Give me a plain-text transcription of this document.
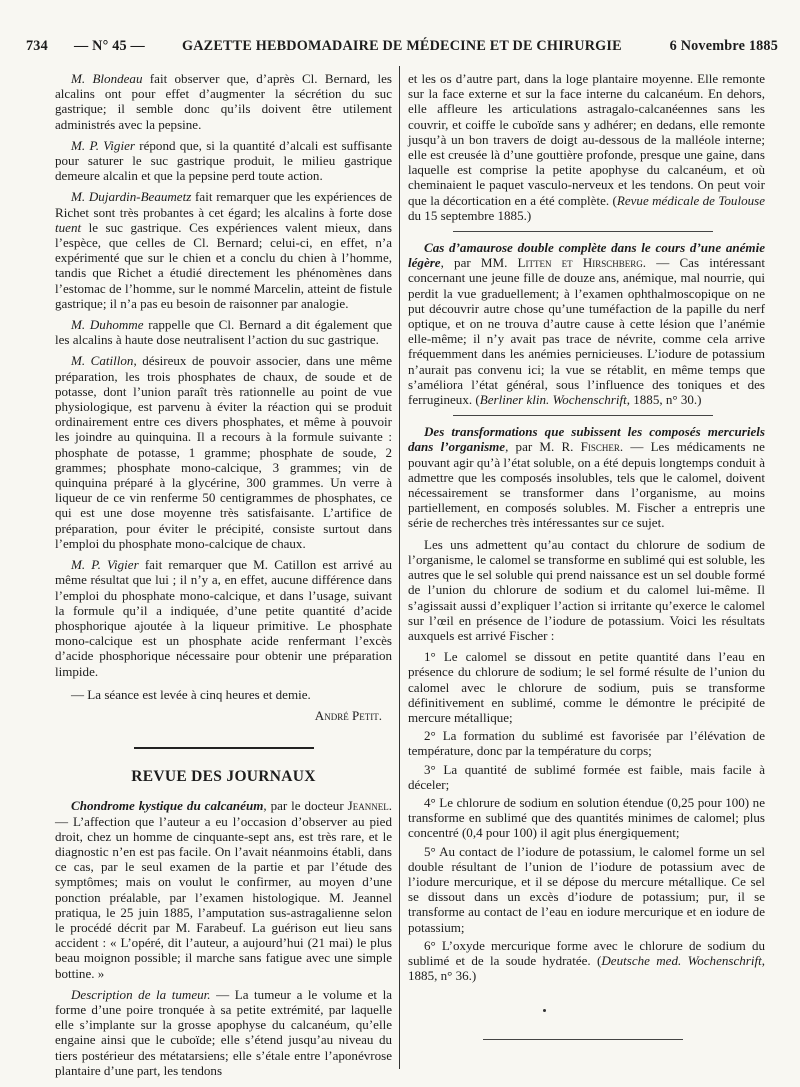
734 — N° 45 —	GAZETTE HEBDOMADAIRE DE MÉDECINE ET DE CHIRURGIE	6 Novembre 1885

M. Blondeau fait observer que, d’après Cl. Bernard, les alcalins ont pour effet d’augmenter la sécrétion du suc gastrique; il semble donc qu’ils doivent être utilement administrés avec la pepsine.

M. P. Vigier répond que, si la quantité d’alcali est suffisante pour saturer le suc gastrique produit, le milieu gastrique demeure alcalin et que la pepsine perd toute action.

M. Dujardin-Beaumetz fait remarquer que les expériences de Richet sont très probantes à cet égard; les alcalins à forte dose tuent le suc gastrique. Ces expériences valent mieux, dans l’espèce, que celles de Cl. Bernard; celui-ci, en effet, n’a expérimenté que sur le chien et a conclu du chien à l’homme, tandis que Richet a étudié directement les phénomènes dans l’estomac de l’homme, sur le nommé Marcelin, atteint de fistule gastrique; il n’a pas eu besoin de raisonner par analogie.

M. Duhomme rappelle que Cl. Bernard a dit également que les alcalins à haute dose neutralisent l’action du suc gastrique.

M. Catillon, désireux de pouvoir associer, dans une même préparation, les trois phosphates de chaux, de soude et de potasse, dont l’union paraît très rationnelle au point de vue physiologique, est parvenu à éviter la réaction qui se produit ordinairement entre ces divers phosphates, et même à pouvoir les joindre au quinquina. Il a recours à la formule suivante : phosphate de potasse, 1 gramme; phosphate de soude, 2 grammes; phosphate mono-calcique, 3 grammes; vin de quinquina préparé à la glycérine, 300 grammes. Un verre à liqueur de ce vin renferme 50 centigrammes de phosphates, ce qui est une dose moyenne très satisfaisante. L’artifice de préparation, pour éviter le précipité, consiste surtout dans l’emploi du phosphate mono-calcique de chaux.

M. P. Vigier fait remarquer que M. Catillon est arrivé au même résultat que lui ; il n’y a, en effet, aucune différence dans l’emploi du phosphate mono-calcique, et dans l’usage, suivant la formule qu’il a indiquée, d’une petite quantité d’acide phosphorique ajoutée à la liqueur primitive. Le phosphate mono-calcique est un phosphate acide renfermant l’excès d’acide phosphorique nécessaire pour obtenir une préparation limpide.

— La séance est levée à cinq heures et demie.

André Petit.

REVUE DES JOURNAUX

Chondrome kystique du calcanéum, par le docteur Jeannel. — L’affection que l’auteur a eu l’occasion d’observer au pied droit, chez un homme de cinquante-sept ans, est très rare, et le diagnostic n’en est pas facile. On l’avait néanmoins établi, dans ce cas, par le seul examen de la partie et par l’étude des symptômes; mais on voulut le confirmer, au moyen d’une ponction préalable, par l’examen histologique. M. Jeannel pratiqua, le 25 juin 1885, l’amputation sus-astragalienne selon le procédé décrit par M. Farabeuf. La guérison eut lieu sans accident : « L’opéré, dit l’auteur, a aujourd’hui (21 mai) le plus beau moignon possible; il marche sans fatigue avec une simple bottine. »

Description de la tumeur. — La tumeur a le volume et la forme d’une poire tronquée à sa petite extrémité, par laquelle elle s’implante sur la grosse apophyse du calcanéum, qu’elle engaine ainsi que le cuboïde; elle s’étend jusqu’au niveau du tiers postérieur des métatarsiens; elle s’étale entre l’aponévrose plantaire d’une part, les tendons

et les os d’autre part, dans la loge plantaire moyenne. Elle remonte sur la face externe et sur la face interne du calcanéum. En dehors, elle affleure les articulations astragalo-calcanéennes sans les couvrir, et coiffe le cuboïde sans y adhérer; en dedans, elle remonte jusqu’à un bon travers de doigt au-dessous de la malléole interne; elle est creusée là d’une gouttière profonde, presque une gaine, dans laquelle est comprise la petite apophyse du calcanéum, et où cheminaient le paquet vasculo-nerveux et les tendons. On peut voir que la décortication en a été complète. (Revue médicale de Toulouse du 15 septembre 1885.)

Cas d’amaurose double complète dans le cours d’une anémie légère, par MM. Litten et Hirschberg. — Cas intéressant concernant une jeune fille de douze ans, anémique, mal nourrie, qui perdit la vue graduellement; à l’examen ophthalmoscopique on ne put découvrir autre chose qu’une tuméfaction de la papille du nerf optique, et on ne trouva d’autre cause à cette lésion que l’anémie elle-même; il n’y avait pas trace de névrite, comme cela arrive fréquemment dans les anémies pernicieuses. L’iodure de potassium n’aurait pas convenu ici; la vue se rétablit, en même temps que s’améliora l’état général, sous l’influence des toniques et des ferrugineux. (Berliner klin. Wochenschrift, 1885, n° 30.)

Des transformations que subissent les composés mercuriels dans l’organisme, par M. R. Fischer. — Les médicaments ne pouvant agir qu’à l’état soluble, on a été depuis longtemps conduit à admettre que les composés insolubles, tels que le calomel, doivent nécessairement se transformer dans l’organisme, au moins partiellement, en composés solubles. M. Fischer a entrepris une série de recherches très intéressantes sur ce sujet.

Les uns admettent qu’au contact du chlorure de sodium de l’organisme, le calomel se transforme en sublimé qui est soluble, les autres que le sel soluble qui prend naissance est un sel double formé de l’union du chlorure de sodium et du calomel lui-même. Il s’agissait aussi d’expliquer l’action si irritante qu’exerce le calomel sur l’œil en présence de l’iodure de potassium. Voici les résultats auxquels est arrivé Fischer :

1° Le calomel se dissout en petite quantité dans l’eau en présence du chlorure de sodium; le sel formé résulte de l’union du calomel avec le chlorure de sodium, puis se transforme définitivement en sublimé, comme le démontre le précipité de mercure métallique;

2° La formation du sublimé est favorisée par l’élévation de température, donc par la température du corps;

3° La quantité de sublimé formée est faible, mais facile à déceler;

4° Le chlorure de sodium en solution étendue (0,25 pour 100) ne transforme en sublimé que des quantités minimes de calomel; plus concentré (0,4 pour 100) il agit plus énergiquement;

5° Au contact de l’iodure de potassium, le calomel forme un sel double résultant de l’union de l’iodure de potassium avec de l’iodure mercurique, et il se dépose du mercure métallique. Ce sel se dissout dans un excès d’iodure de potassium; pur, il se transforme au contact de l’eau en iodure mercurique et en iodure de potassium;

6° L’oxyde mercurique forme avec le chlorure de sodium du sublimé et de la soude hydratée. (Deutsche med. Wochenschrift, 1885, n° 36.)
